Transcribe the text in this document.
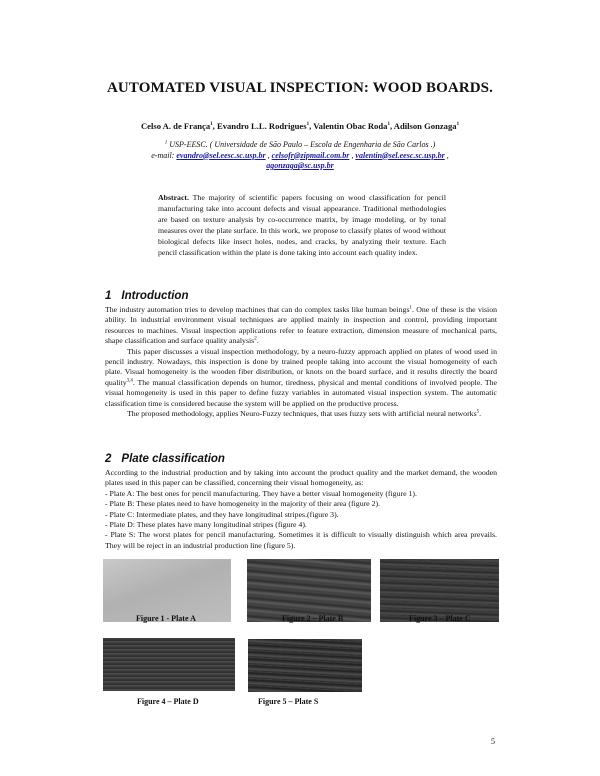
AUTOMATED VISUAL INSPECTION: WOOD BOARDS.
Celso A. de França$^1$, Evandro L.L. Rodrigues$^1$, Valentin Obac Roda$^1$, Adilson Gonzaga$^1$
$^1$ USP-EESC. ( Universidade de São Paulo – Escola de Engenharia de São Carlos .)
e-mail: evandro@sel.eesc.sc.usp.br , celsofr@zipmail.com.br , valentin@sel.eesc.sc.usp.br ,
agonzaga@sc.usp.br
Abstract. The majority of scientific papers focusing on wood classification for pencil manufacturing take into account defects and visual appearance. Traditional methodologies are based on texture analysis by co-occurrence matrix, by image modeling, or by tonal measures over the plate surface. In this work, we propose to classify plates of wood without biological defects like insect holes, nodes, and cracks, by analyzing their texture. Each pencil classification within the plate is done taking into account each quality index.
1 Introduction

The industry automation tries to develop machines that can do complex tasks like human beings$^1$. One of these is the vision ability. In industrial environment visual techniques are applied mainly in inspection and control, providing important resources to machines. Visual inspection applications refer to feature extraction, dimension measure of mechanical parts, shape classification and surface quality analysis$^2$.

This paper discusses a visual inspection methodology, by a neuro-fuzzy approach applied on plates of wood used in pencil industry. Nowadays, this inspection is done by trained people taking into account the visual homogeneity of each plate. Visual homogeneity is the wooden fiber distribution, or knots on the board surface, and it results directly the board quality$^{3,4}$. The manual classification depends on humor, tiredness, physical and mental conditions of involved people. The visual homogeneity is used in this paper to define fuzzy variables in automated visual inspection system. The automatic classification time is considered because the system will be applied on the productive process.

The proposed methodology, applies Neuro-Fuzzy techniques, that uses fuzzy sets with artificial neural networks$^5$.

2 Plate classification

According to the industrial production and by taking into account the product quality and the market demand, the wooden plates used in this paper can be classified, concerning their visual homogeneity, as:

- Plate A: The best ones for pencil manufacturing. They have a better visual homogeneity (figure 1).

- Plate B: These plates need to have homogeneity in the majority of their area (figure 2).

- Plate C: Intermediate plates, and they have longitudinal stripes.(figure 3).

- Plate D: These plates have many longitudinal stripes (figure 4).

- Plate S: The worst plates for pencil manufacturing. Sometimes it is difficult to visually distinguish which area prevails. They will be reject in an industrial production line (figure 5).

Figure 1 - Plate A	Figure 2 – Plate B	Figure 3 – Plate C
Figure 4 – Plate D	Figure 5 – Plate S
5
